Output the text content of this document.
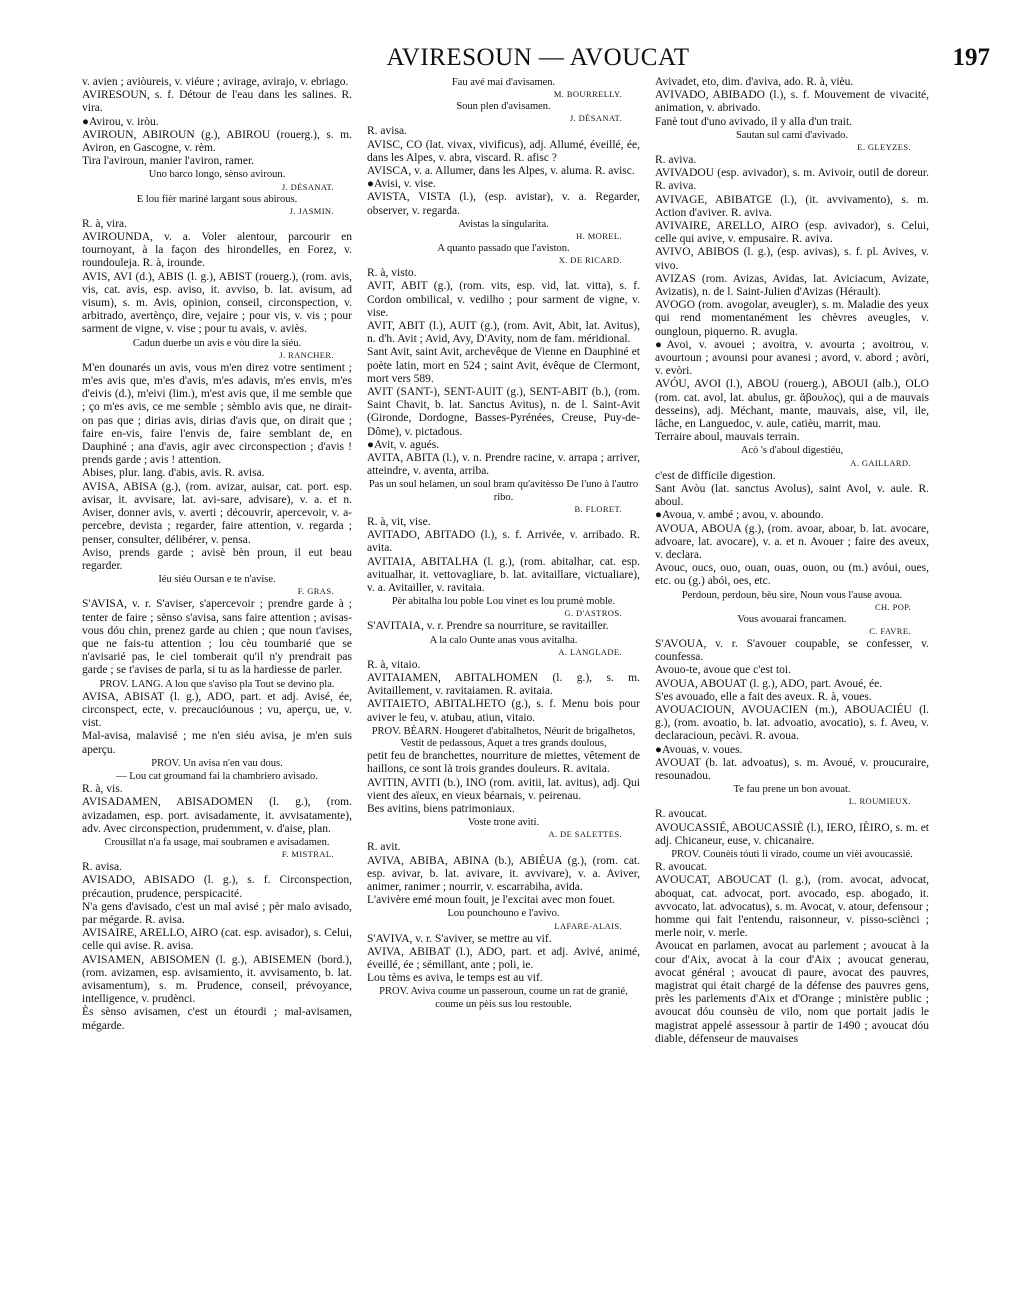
AVIRESOUN — AVOUCAT	197

v. avien ; aviòureis, v. viéure ; avirage, avirajo, v. ebriago.

AVIRESOUN, s. f. Détour de l'eau dans les salines. R. vira.

●Avirou, v. iròu.

AVIROUN, ABIROUN (g.), ABIROU (rouerg.), s. m. Aviron, en Gascogne, v. rèm.

Tira l'aviroun, manier l'aviron, ramer.

Uno barco longo, sènso aviroun.

J. DÉSANAT.

E lou fièr mariné largant sous abirous.

J. JASMIN.

R. à, vira.

AVIROUNDA, v. a. Voler alentour, parcourir en tournoyant, à la façon des hirondelles, en Forez, v. roundouleja. R. à, irounde.

AVIS, AVI (d.), ABIS (l. g.), ABIST (rouerg.), (rom. avis, vis, cat. avis, esp. aviso, it. avviso, b. lat. avisum, ad visum), s. m. Avis, opinion, conseil, circonspection, v. arbitrado, avertènço, dire, vejaire ; pour vis, v. vis ; pour sarment de vigne, v. vise ; pour tu avais, v. aviès.

Cadun duerbe un avis e vòu dire la siéu.

J. RANCHER.

M'en dounarés un avis, vous m'en direz votre sentiment ; m'es avis que, m'es d'avis, m'es adavis, m'es envis, m'es d'eivis (d.), m'eivi (lim.), m'est avis que, il me semble que ; ço m'es avis, ce me semble ; sèmblo avis que, ne dirait-on pas que ; dirias avis, dirias d'avis que, on dirait que ; faire en-vis, faire l'envis de, faire semblant de, en Dauphiné ; ana d'avis, agir avec circonspection ; d'avis ! prends garde ; avis ! attention.

Abises, plur. lang. d'abis, avis. R. avisa.

AVISA, ABISA (g.), (rom. avizar, auisar, cat. port. esp. avisar, it. avvisare, lat. avi-sare, advisare), v. a. et n. Aviser, donner avis, v. averti ; découvrir, apercevoir, v. a-percebre, devista ; regarder, faire attention, v. regarda ; penser, consulter, délibérer, v. pensa.

Aviso, prends garde ; avisè bèn proun, il eut beau regarder.

Iéu siéu Oursan e te n'avise.

F. GRAS.

S'AVISA, v. r. S'aviser, s'apercevoir ; prendre garde à ; tenter de faire ; sènso s'avisa, sans faire attention ; avisas-vous dóu chin, prenez garde au chien ; que noun t'avises, que ne fais-tu attention ; lou cèu toumbarié que se n'avisarié pas, le ciel tomberait qu'il n'y prendrait pas garde ; se t'avises de parla, si tu as la hardiesse de parler.

PROV. LANG. A lou que s'aviso pla Tout se devino pla.

AVISA, ABISAT (l. g.), ADO, part. et adj. Avisé, ée, circonspect, ecte, v. precaucióunous ; vu, aperçu, ue, v. vist.

Mal-avisa, malavisé ; me n'en siéu avisa, je m'en suis aperçu.

PROV. Un avisa n'en vau dous.

— Lou cat groumand fai la chambriero avisado.

R. à, vis.

AVISADAMEN, ABISADOMEN (l. g.), (rom. avizadamen, esp. port. avisadamente, it. avvisatamente), adv. Avec circonspection, prudemment, v. d'aise, plan.

Crousillat n'a fa usage, mai soubramen e avisadamen.

F. MISTRAL.

R. avisa.

AVISADO, ABISADO (l. g.), s. f. Circonspection, précaution, prudence, perspicacité.

N'a gens d'avisado, c'est un mal avisé ; pèr malo avisado, par mégarde. R. avisa.

AVISAIRE, ARELLO, AIRO (cat. esp. avisador), s. Celui, celle qui avise. R. avisa.

AVISAMEN, ABISOMEN (l. g.), ABISEMEN (bord.), (rom. avizamen, esp. avisamiento, it. avvisamento, b. lat. avisamentum), s. m. Prudence, conseil, prévoyance, intelligence, v. prudènci.

Ès sènso avisamen, c'est un étourdi ; mal-avisamen, mégarde.

Fau avé mai d'avisamen.

M. BOURRELLY.

Soun plen d'avisamen.

J. DÉSANAT.

R. avisa.

AVISC, CO (lat. vivax, vivificus), adj. Allumé, éveillé, ée, dans les Alpes, v. abra, viscard. R. afisc ?

AVISCA, v. a. Allumer, dans les Alpes, v. aluma. R. avisc.

●Avisi, v. vise.

AVISTA, VISTA (l.), (esp. avistar), v. a. Regarder, observer, v. regarda.

Avistas la singularita.

H. MOREL.

A quanto passado que l'aviston.

X. DE RICARD.

R. à, visto.

AVIT, ABIT (g.), (rom. vits, esp. vid, lat. vitta), s. f. Cordon ombilical, v. vedilho ; pour sarment de vigne, v. vise.

AVIT, ABIT (l.), AUIT (g.), (rom. Avit, Abit, lat. Avitus), n. d'h. Avit ; Avid, Avy, D'Avity, nom de fam. méridional.

Sant Avit, saint Avit, archevêque de Vienne en Dauphiné et poète latin, mort en 524 ; saint Avit, évêque de Clermont, mort vers 589.

AVIT (SANT-), SENT-AUIT (g.), SENT-ABIT (b.), (rom. Saint Chavit, b. lat. Sanctus Avitus), n. de l. Saint-Avit (Gironde, Dordogne, Basses-Pyrénées, Creuse, Puy-de-Dôme), v. pictadous.

●Avit, v. agués.

AVITA, ABITA (l.), v. n. Prendre racine, v. arrapa ; arriver, atteindre, v. aventa, arriba.

Pas un soul helamen, un soul bram qu'avitèsso De l'uno à l'autro ribo.

B. FLORET.

R. à, vit, vise.

AVITADO, ABITADO (l.), s. f. Arrivée, v. arribado. R. avita.

AVITAIA, ABITALHA (l. g.), (rom. abitalhar, cat. esp. avitualhar, it. vettovagliare, b. lat. avitaillare, victualiare), v. a. Avitailler, v. ravitaia.

Pèr abitalha lou poble Lou vinet es lou prumè moble.

G. D'ASTROS.

S'AVITAIA, v. r. Prendre sa nourriture, se ravitailler.

A la calo Ounte anas vous avitalha.

A. LANGLADE.

R. à, vitaio.

AVITAIAMEN, ABITALHOMEN (l. g.), s. m. Avitaillement, v. ravitaiamen. R. avitaia.

AVITAIETO, ABITALHETO (g.), s. f. Menu bois pour aviver le feu, v. atubau, atiun, vitaio.

PROV. BÉARN. Hougeret d'abitalhetos, Néurit de brigalhetos, Vestit de pedassous, Aquet a tres grands doulous,

petit feu de branchettes, nourriture de miettes, vêtement de haillons, ce sont là trois grandes douleurs. R. avitaia.

AVITIN, AVITI (b.), INO (rom. avitii, lat. avitus), adj. Qui vient des aïeux, en vieux béarnais, v. peirenau.

Bes avitins, biens patrimoniaux.

Voste trone aviti.

A. DE SALETTES.

R. avit.

AVIVA, ABIBA, ABINA (b.), ABIÉUA (g.), (rom. cat. esp. avivar, b. lat. avivare, it. avvivare), v. a. Aviver, animer, ranimer ; nourrir, v. escarrabiha, avida.

L'avivère emé moun fouit, je l'excitai avec mon fouet.

Lou pounchouno e l'avivo.

LAFARE-ALAIS.

S'AVIVA, v. r. S'aviver, se mettre au vif.

AVIVA, ABIBAT (l.), ADO, part. et adj. Avivé, animé, éveillé, ée ; sémillant, ante ; poli, ie.

Lou tèms es aviva, le temps est au vif.

PROV. Aviva coume un passeroun, coume un rat de granié, coume un pèis sus lou restouble.

Avivadet, eto, dim. d'aviva, ado. R. à, vièu.

AVIVADO, ABIBADO (l.), s. f. Mouvement de vivacité, animation, v. abrivado.

Fanè tout d'uno avivado, il y alla d'un trait.

Sautan sul camí d'avivado.

E. GLEYZES.

R. aviva.

AVIVADOU (esp. avivador), s. m. Avivoir, outil de doreur. R. aviva.

AVIVAGE, ABIBATGE (l.), (it. avvivamento), s. m. Action d'aviver. R. aviva.

AVIVAIRE, ARELLO, AIRO (esp. avivador), s. Celui, celle qui avive, v. empusaire. R. aviva.

AVIVO, ABIBOS (l. g.), (esp. avivas), s. f. pl. Avives, v. vivo.

AVIZAS (rom. Avizas, Avidas, lat. Aviciacum, Avizate, Avizatis), n. de l. Saint-Julien d'Avizas (Hérault).

AVOGO (rom. avogolar, aveugler), s. m. Maladie des yeux qui rend momentanément les chèvres aveugles, v. oungloun, piquerno. R. avugla.

●Avoi, v. avouei ; avoitra, v. avourta ; avoitrou, v. avourtoun ; avounsi pour avanesi ; avord, v. abord ; avòri, v. evòri.

AVÓU, AVOI (l.), ABOU (rouerg.), ABOUI (alb.), OLO (rom. cat. avol, lat. abulus, gr. ἄβουλος), qui a de mauvais desseins), adj. Méchant, mante, mauvais, aise, vil, ile, lâche, en Languedoc, v. aule, catièu, marrit, mau.

Terraire aboul, mauvais terrain.

Acò 's d'aboul digestiéu,

A. GAILLARD.

c'est de difficile digestion.

Sant Avòu (lat. sanctus Avolus), saint Avol, v. aule. R. aboul.

●Avoua, v. ambé ; avou, v. aboundo.

AVOUA, ABOUA (g.), (rom. avoar, aboar, b. lat. avocare, advoare, lat. avocare), v. a. et n. Avouer ; faire des aveux, v. declara.

Avouc, oucs, ouo, ouan, ouas, ouon, ou (m.) avóui, oues, etc. ou (g.) abói, oes, etc.

Perdoun, perdoun, bèu sire, Noun vous l'ause avoua.

CH. POP.

Vous avouarai francamen.

C. FAVRE.

S'AVOUA, v. r. S'avouer coupable, se confesser, v. counfessa.

Avouo-te, avoue que c'est toi.

AVOUA, ABOUAT (l. g.), ADO, part. Avoué, ée.

S'es avouado, elle a fait des aveux. R. à, voues.

AVOUACIOUN, AVOUACIEN (m.), ABOUACIÉU (l. g.), (rom. avoatio, b. lat. advoatio, avocatio), s. f. Aveu, v. declaracioun, pecàvi. R. avoua.

●Avouas, v. voues.

AVOUAT (b. lat. advoatus), s. m. Avoué, v. proucuraire, resounadou.

Te fau prene un bon avouat.

L. ROUMIEUX.

R. avoucat.

AVOUCASSIÉ, ABOUCASSIÈ (l.), IERO, IÈIRO, s. m. et adj. Chicaneur, euse, v. chicanaire.

PROV. Counèis tóuti li virado, coume un vièi avoucassié.

R. avoucat.

AVOUCAT, ABOUCAT (l. g.), (rom. avocat, advocat, aboquat, cat. advocat, port. avocado, esp. abogado, it. avvocato, lat. advocatus), s. m. Avocat, v. atour, defensour ; homme qui fait l'entendu, raisonneur, v. pisso-sciènci ; merle noir, v. merle.

Avoucat en parlamen, avocat au parlement ; avoucat à la cour d'Aix, avocat à la cour d'Aix ; avoucat generau, avocat général ; avoucat di paure, avocat des pauvres, magistrat qui était chargé de la défense des pauvres gens, près les parlements d'Aix et d'Orange ; ministère public ; avoucat dóu counsèu de vilo, nom que portait jadis le magistrat appelé assessour à partir de 1490 ; avoucat dóu diable, défenseur de mauvaises
